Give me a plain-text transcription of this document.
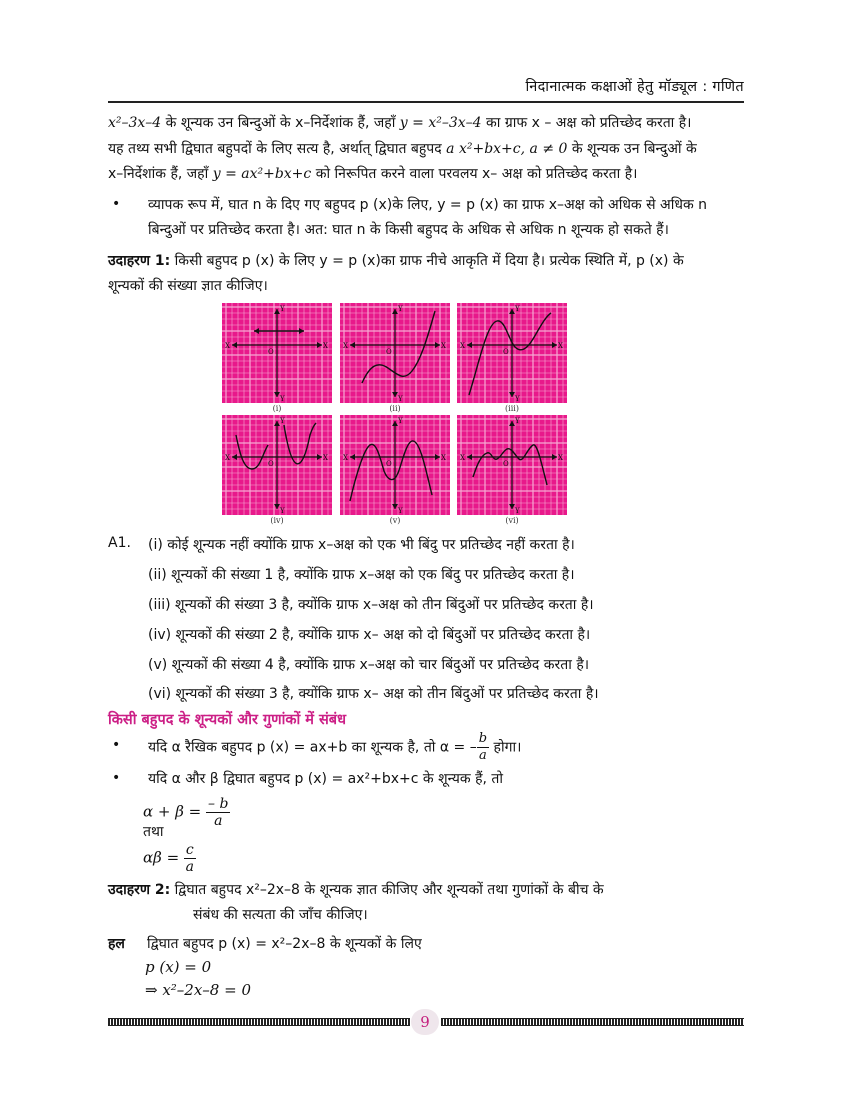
निदानात्मक कक्षाओं हेतु मॉड्यूल : गणित
x²–3x–4 के शून्यक उन बिन्दुओं के x–निर्देशांक हैं, जहाँ y = x²–3x–4 का ग्राफ x – अक्ष को प्रतिच्छेद करता है।
यह तथ्य सभी द्विघात बहुपदों के लिए सत्य है, अर्थात् द्विघात बहुपद a x²+bx+c, a ≠ 0 के शून्यक उन बिन्दुओं के
x–निर्देशांक हैं, जहाँ y = ax²+bx+c को निरूपित करने वाला परवलय x– अक्ष को प्रतिच्छेद करता है।
• व्यापक रूप में, घात n के दिए गए बहुपद p (x)के लिए, y = p (x) का ग्राफ x–अक्ष को अधिक से अधिक n
बिन्दुओं पर प्रतिच्छेद करता है। अत: घात n के किसी बहुपद के अधिक से अधिक n शून्यक हो सकते हैं।
उदाहरण 1: किसी बहुपद p (x) के लिए y = p (x)का ग्राफ नीचे आकृति में दिया है। प्रत्येक स्थिति में, p (x) के
शून्यकों की संख्या ज्ञात कीजिए।
X	X
Y
Y
O
(i)
X	X
Y
Y
O
(ii)
X	X
Y
Y
O
(iii)
X	X
Y
Y
O
(iv)
X	X
Y
Y
O
(v)
X	X
Y
Y
O
(vi)
A1. (i) कोई शून्यक नहीं क्योंकि ग्राफ x–अक्ष को एक भी बिंदु पर प्रतिच्छेद नहीं करता है।
(ii) शून्यकों की संख्या 1 है, क्योंकि ग्राफ x–अक्ष को एक बिंदु पर प्रतिच्छेद करता है।
(iii) शून्यकों की संख्या 3 है, क्योंकि ग्राफ x–अक्ष को तीन बिंदुओं पर प्रतिच्छेद करता है।
(iv) शून्यकों की संख्या 2 है, क्योंकि ग्राफ x– अक्ष को दो बिंदुओं पर प्रतिच्छेद करता है।
(v) शून्यकों की संख्या 4 है, क्योंकि ग्राफ x–अक्ष को चार बिंदुओं पर प्रतिच्छेद करता है।
(vi) शून्यकों की संख्या 3 है, क्योंकि ग्राफ x– अक्ष को तीन बिंदुओं पर प्रतिच्छेद करता है।
किसी बहुपद के शून्यकों और गुणांकों में संबंध
• यदि α रैखिक बहुपद p (x) = ax+b का शून्यक है, तो α = – $\frac{b}{a}$ होगा।
• यदि α और β द्विघात बहुपद p (x) = ax²+bx+c के शून्यक हैं, तो
$\alpha + \beta = \frac{- b}{a}$
तथा
$\alpha\beta = \frac{c}{a}$
उदाहरण 2: द्विघात बहुपद x²–2x–8 के शून्यक ज्ञात कीजिए और शून्यकों तथा गुणांकों के बीच के
संबंध की सत्यता की जाँच कीजिए।
हल द्विघात बहुपद p (x) = x²–2x–8 के शून्यकों के लिए
p (x) = 0
⇒ x²–2x–8 = 0
9
